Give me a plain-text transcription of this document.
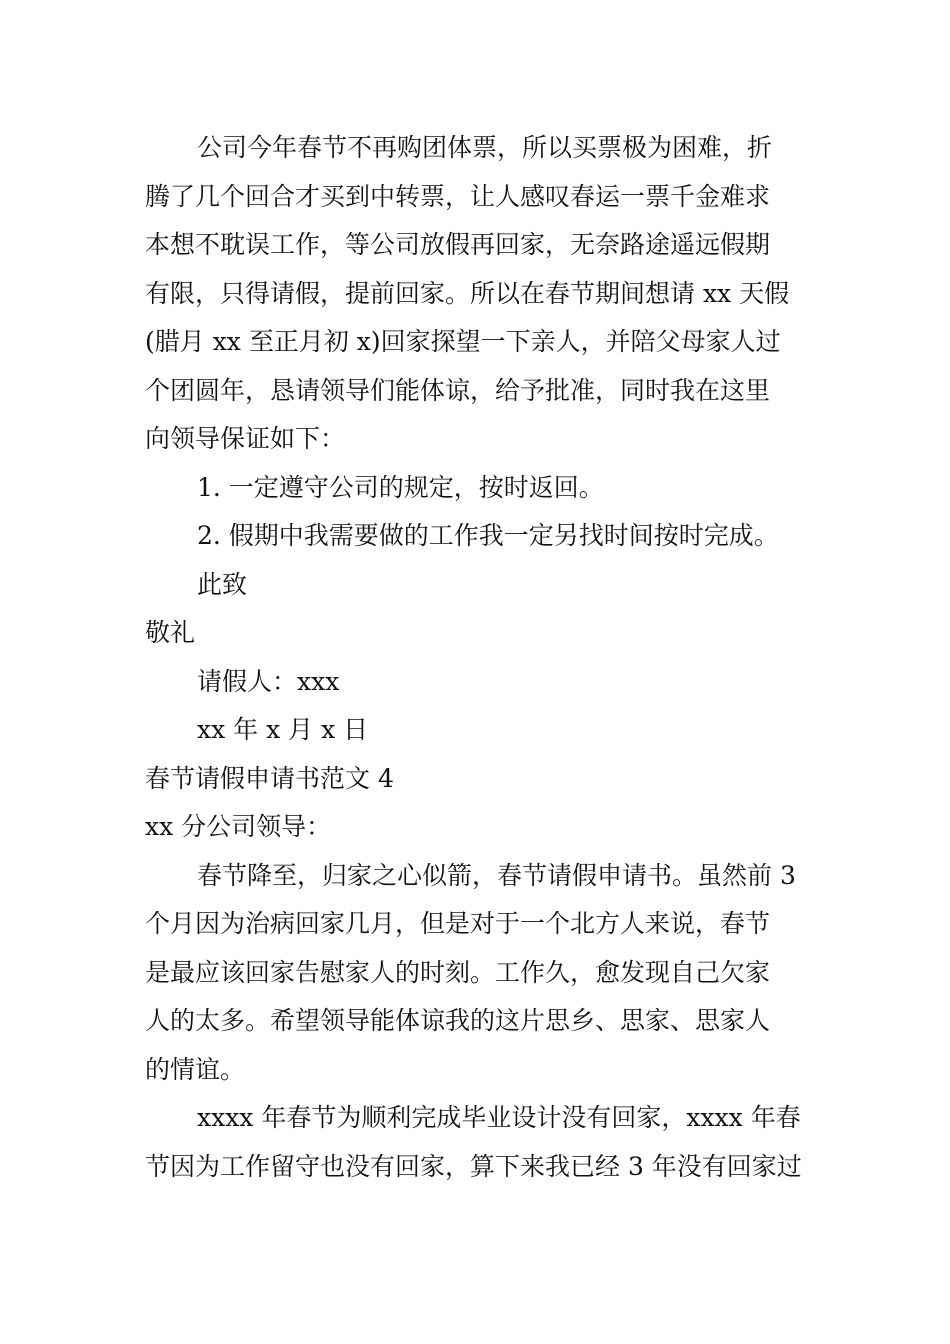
公司今年春节不再购团体票，所以买票极为困难，折
腾了几个回合才买到中转票，让人感叹春运一票千金难求
本想不耽误工作，等公司放假再回家，无奈路途遥远假期
有限，只得请假，提前回家。所以在春节期间想请 xx 天假
(腊月 xx 至正月初 x)回家探望一下亲人，并陪父母家人过
个团圆年，恳请领导们能体谅，给予批准，同时我在这里
向领导保证如下：
1. 一定遵守公司的规定，按时返回。
2. 假期中我需要做的工作我一定另找时间按时完成。
此致
敬礼
请假人：xxx
xx 年 x 月 x 日
春节请假申请书范文 4
xx 分公司领导：
春节降至，归家之心似箭，春节请假申请书。虽然前 3
个月因为治病回家几月，但是对于一个北方人来说，春节
是最应该回家告慰家人的时刻。工作久，愈发现自己欠家
人的太多。希望领导能体谅我的这片思乡、思家、思家人
的情谊。
xxxx 年春节为顺利完成毕业设计没有回家，xxxx 年春
节因为工作留守也没有回家，算下来我已经 3 年没有回家过
